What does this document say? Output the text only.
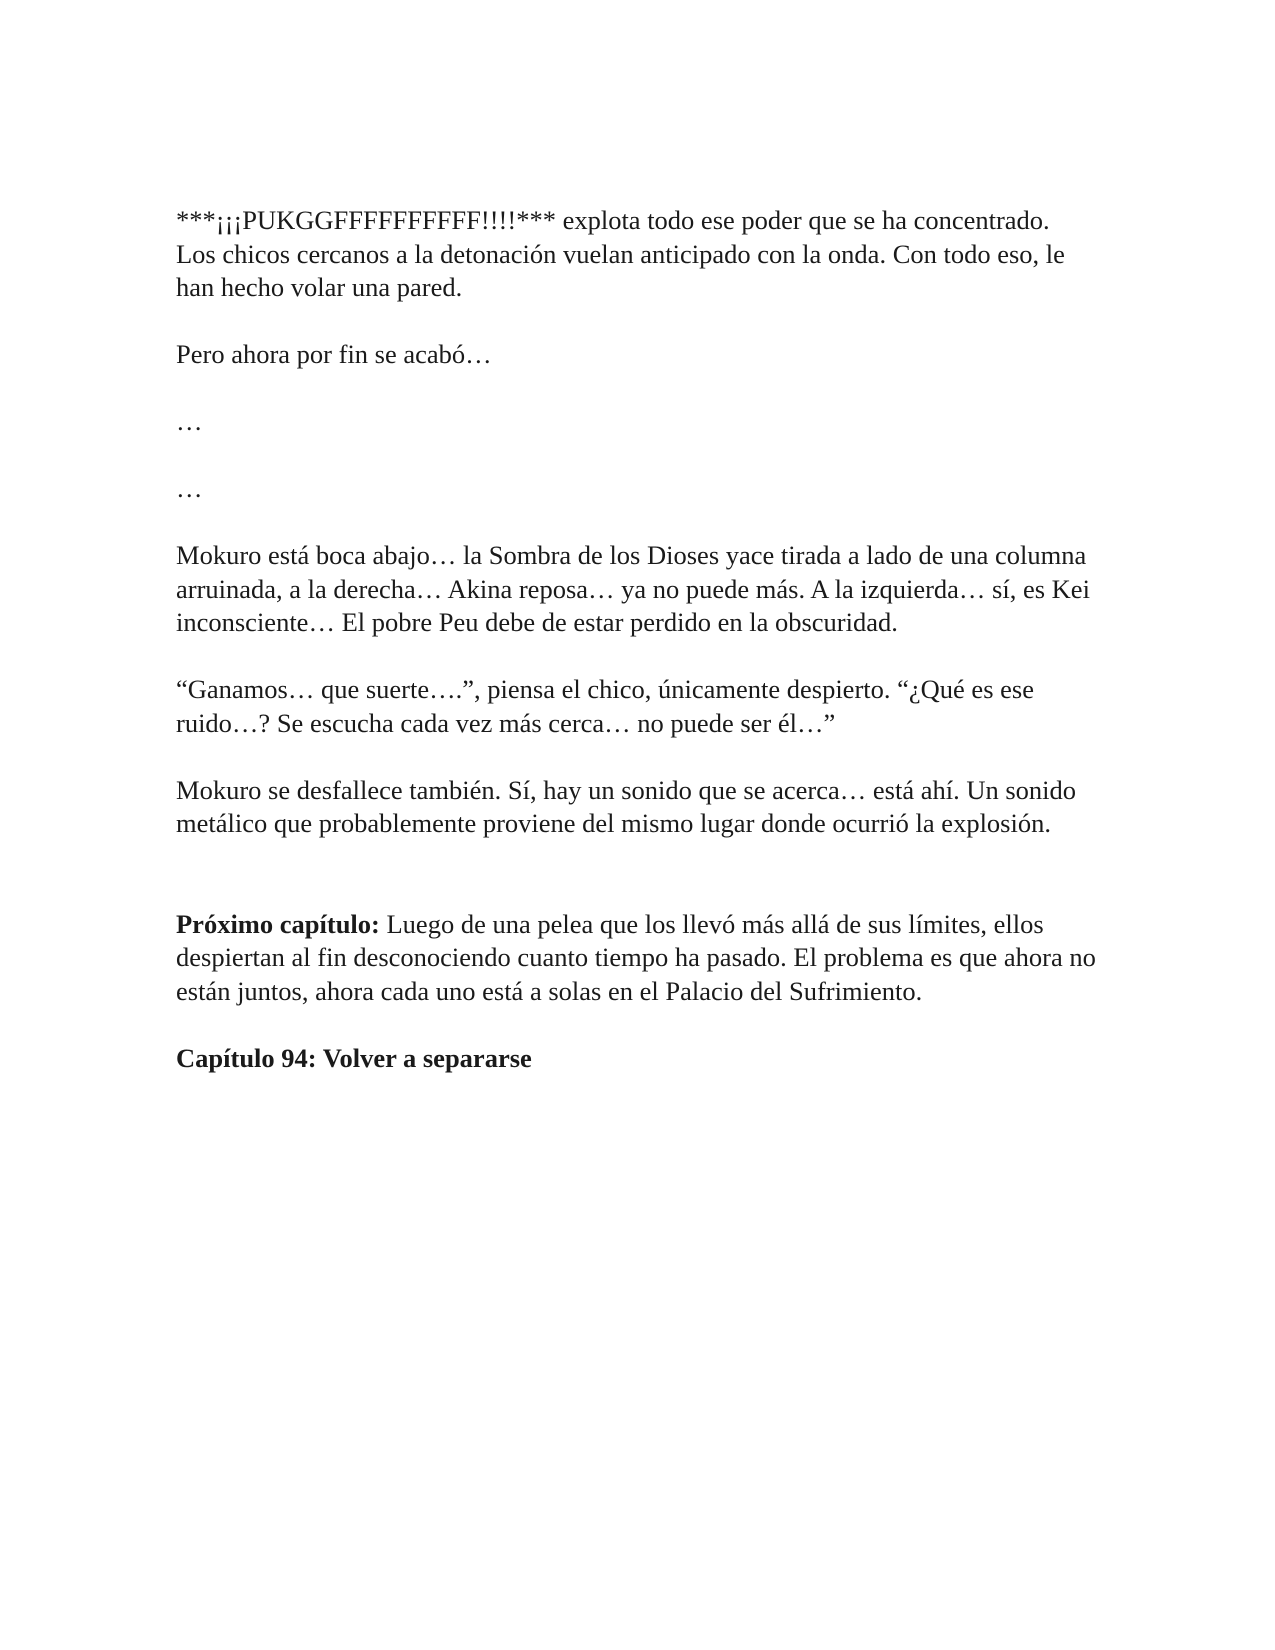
***¡¡¡PUKGGFFFFFFFFFF!!!!*** explota todo ese poder que se ha concentrado.

Los chicos cercanos a la detonación vuelan anticipado con la onda. Con todo eso, le han hecho volar una pared.

Pero ahora por fin se acabó…

…

…

Mokuro está boca abajo… la Sombra de los Dioses yace tirada a lado de una columna arruinada, a la derecha… Akina reposa… ya no puede más. A la izquierda… sí, es Kei inconsciente… El pobre Peu debe de estar perdido en la obscuridad.

“Ganamos… que suerte….”, piensa el chico, únicamente despierto. “¿Qué es ese ruido…? Se escucha cada vez más cerca… no puede ser él…”

Mokuro se desfallece también. Sí, hay un sonido que se acerca… está ahí. Un sonido metálico que probablemente proviene del mismo lugar donde ocurrió la explosión.

Próximo capítulo: Luego de una pelea que los llevó más allá de sus límites, ellos despiertan al fin desconociendo cuanto tiempo ha pasado. El problema es que ahora no están juntos, ahora cada uno está a solas en el Palacio del Sufrimiento.

Capítulo 94: Volver a separarse
